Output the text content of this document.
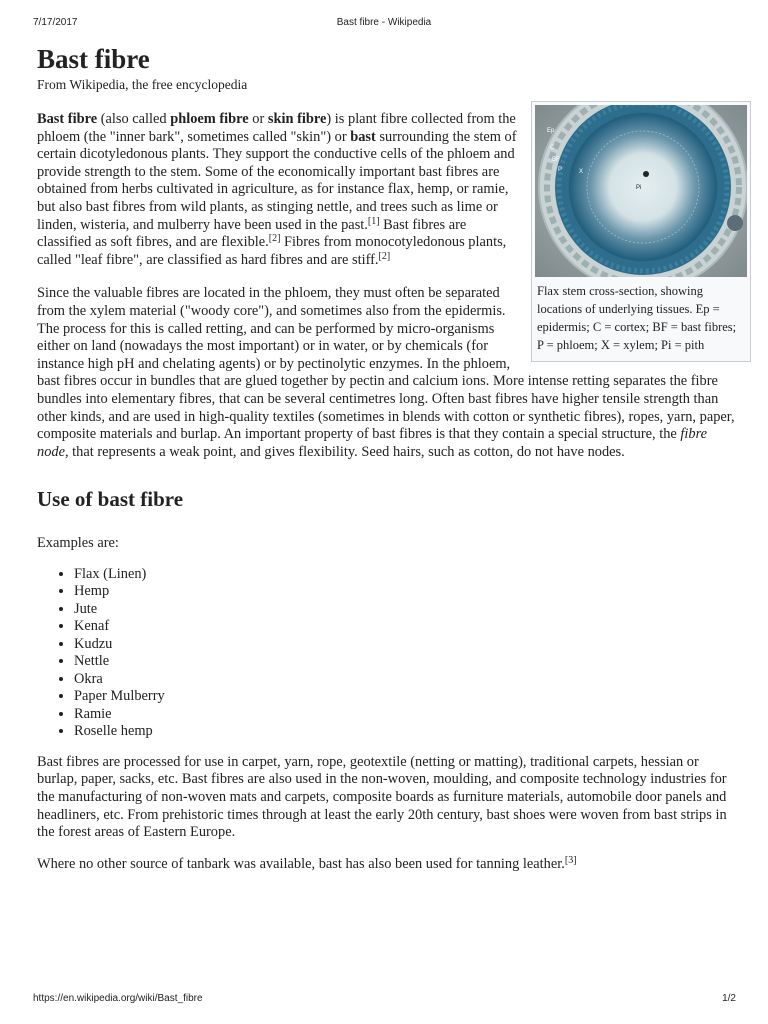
7/17/2017	Bast fibre - Wikipedia
Bast fibre
From Wikipedia, the free encyclopedia
Ep
C
BF
P	X
Pi
Flax stem cross-section, showing locations of underlying tissues. Ep = epidermis; C = cortex; BF = bast fibres; P = phloem; X = xylem; Pi = pith

Bast fibre (also called phloem fibre or skin fibre) is plant fibre collected from the phloem (the "inner bark", sometimes called "skin") or bast surrounding the stem of certain dicotyledonous plants. They support the conductive cells of the phloem and provide strength to the stem. Some of the economically important bast fibres are obtained from herbs cultivated in agriculture, as for instance flax, hemp, or ramie, but also bast fibres from wild plants, as stinging nettle, and trees such as lime or linden, wisteria, and mulberry have been used in the past.[1] Bast fibres are classified as soft fibres, and are flexible.[2] Fibres from monocotyledonous plants, called "leaf fibre", are classified as hard fibres and are stiff.[2]

Since the valuable fibres are located in the phloem, they must often be separated from the xylem material ("woody core"), and sometimes also from the epidermis. The process for this is called retting, and can be performed by micro-organisms either on land (nowadays the most important) or in water, or by chemicals (for instance high pH and chelating agents) or by pectinolytic enzymes. In the phloem, bast fibres occur in bundles that are glued together by pectin and calcium ions. More intense retting separates the fibre bundles into elementary fibres, that can be several centimetres long. Often bast fibres have higher tensile strength than other kinds, and are used in high-quality textiles (sometimes in blends with cotton or synthetic fibres), ropes, yarn, paper, composite materials and burlap. An important property of bast fibres is that they contain a special structure, the fibre node, that represents a weak point, and gives flexibility. Seed hairs, such as cotton, do not have nodes.

Use of bast fibre

Examples are:

• Flax (Linen)
• Hemp
• Jute
• Kenaf
• Kudzu
• Nettle
• Okra
• Paper Mulberry
• Ramie
• Roselle hemp

Bast fibres are processed for use in carpet, yarn, rope, geotextile (netting or matting), traditional carpets, hessian or burlap, paper, sacks, etc. Bast fibres are also used in the non-woven, moulding, and composite technology industries for the manufacturing of non-woven mats and carpets, composite boards as furniture materials, automobile door panels and headliners, etc. From prehistoric times through at least the early 20th century, bast shoes were woven from bast strips in the forest areas of Eastern Europe.

Where no other source of tanbark was available, bast has also been used for tanning leather.[3]

https://en.wikipedia.org/wiki/Bast_fibre	1/2
